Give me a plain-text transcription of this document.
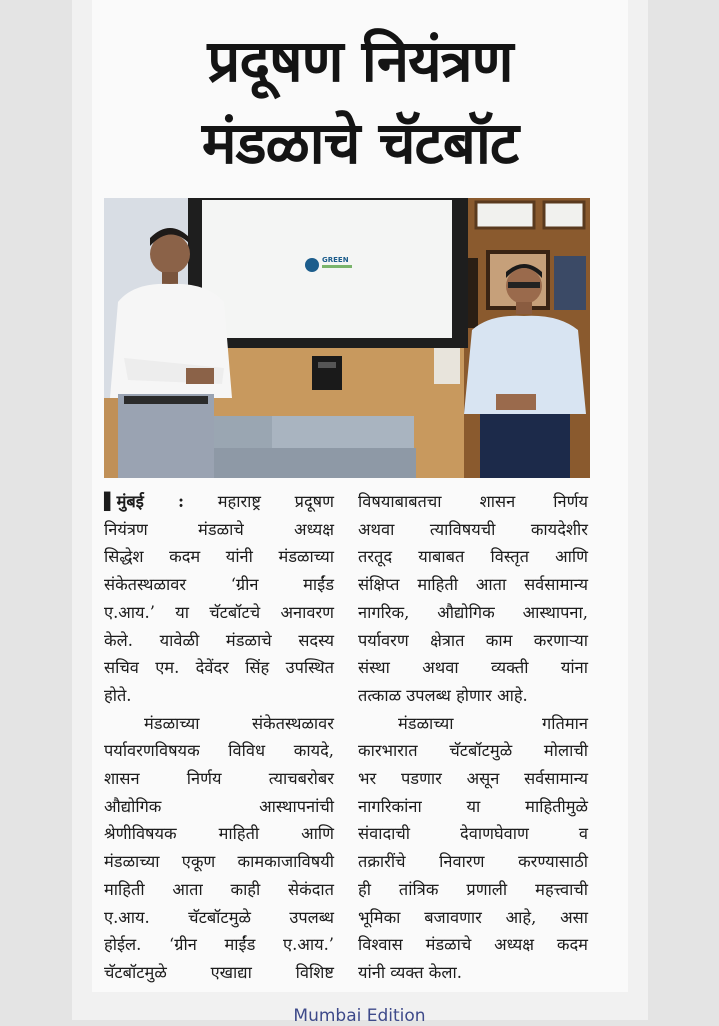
प्रदूषण नियंत्रण
मंडळाचे चॅटबॉट
GREEN

▌मुंबई : महाराष्ट्र प्रदूषण
नियंत्रण मंडळाचे अध्यक्ष
सिद्धेश कदम यांनी मंडळाच्या
संकेतस्थळावर ‘ग्रीन माईंड
ए.आय.’ या चॅटबॉटचे अनावरण
केले. यावेळी मंडळाचे सदस्य
सचिव एम. देवेंदर सिंह उपस्थित
होते.

मंडळाच्या संकेतस्थळावर
पर्यावरणविषयक विविध कायदे,
शासन निर्णय त्याचबरोबर
औद्योगिक आस्थापनांची
श्रेणीविषयक माहिती आणि
मंडळाच्या एकूण कामकाजाविषयी
माहिती आता काही सेकंदात
ए.आय. चॅटबॉटमुळे उपलब्ध
होईल. ‘ग्रीन माईंड ए.आय.’
चॅटबॉटमुळे एखाद्या विशिष्ट

विषयाबाबतचा शासन निर्णय
अथवा त्याविषयची कायदेशीर
तरतूद याबाबत विस्तृत आणि
संक्षिप्त माहिती आता सर्वसामान्य
नागरिक, औद्योगिक आस्थापना,
पर्यावरण क्षेत्रात काम करणाऱ्या
संस्था अथवा व्यक्ती यांना
तत्काळ उपलब्ध होणार आहे.

मंडळाच्या गतिमान
कारभारात चॅटबॉटमुळे मोलाची
भर पडणार असून सर्वसामान्य
नागरिकांना या माहितीमुळे
संवादाची देवाणघेवाण व
तक्रारींचे निवारण करण्यासाठी
ही तांत्रिक प्रणाली महत्त्वाची
भूमिका बजावणार आहे, असा
विश्वास मंडळाचे अध्यक्ष कदम
यांनी व्यक्त केला.

Mumbai Edition
